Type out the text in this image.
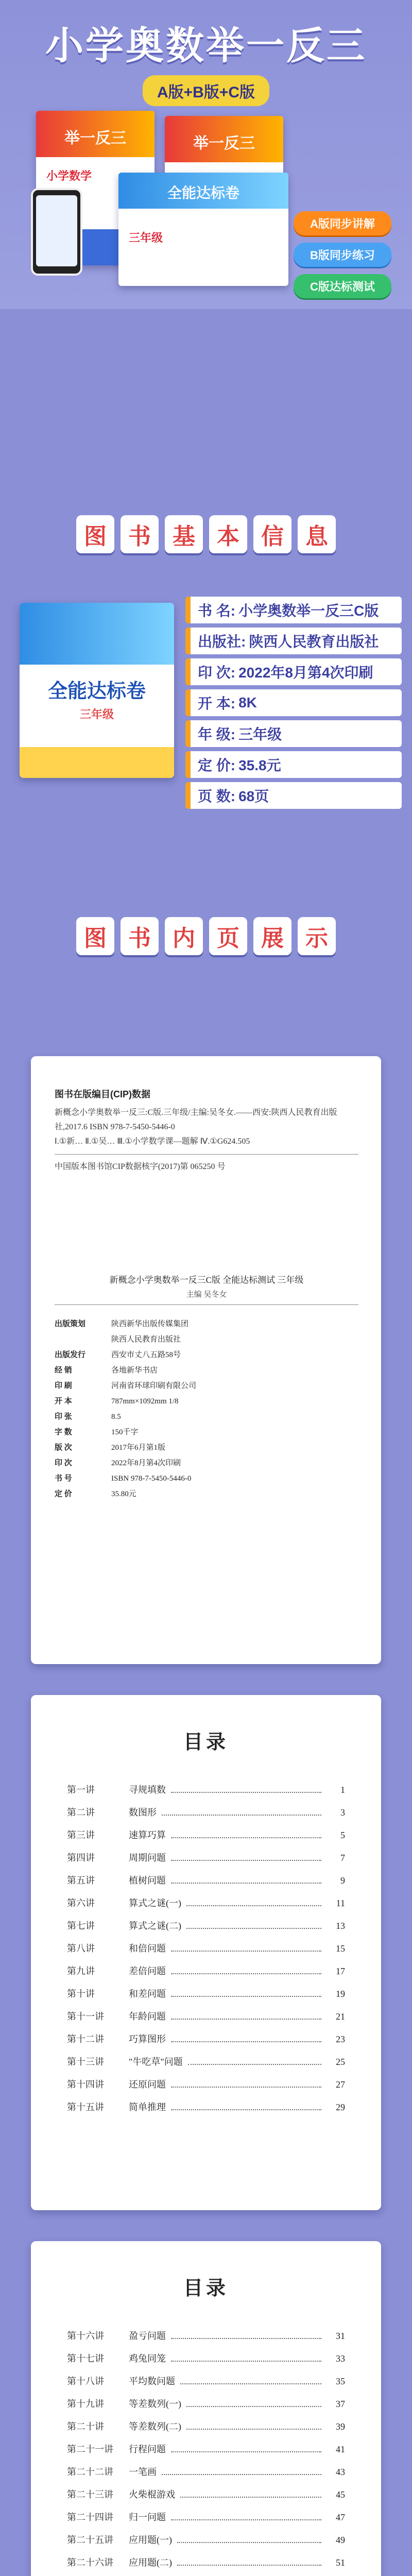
小学奥数举一反三
A版+B版+C版
举一反三
小学数学
举一反三
全能达标卷
三年级
A版同步讲解
B版同步练习
C版达标测试
图 书 基 本 信 息
全能达标卷
三年级
书 名: 小学奥数举一反三C版
出版社: 陕西人民教育出版社
印 次: 2022年8月第4次印刷
开 本: 8K
年 级: 三年级
定 价: 35.8元
页 数: 68页
图 书 内 页 展 示
图书在版编目(CIP)数据
新概念小学奥数举一反三:C版.三年级/主编:吴冬女.——西安:陕西人民教育出版社,2017.6 ISBN 978-7-5450-5446-0
Ⅰ.①新… Ⅱ.①吴… Ⅲ.①小学数学课—题解 Ⅳ.①G624.505
中国版本图书馆CIP数据核字(2017)第 065250 号
新概念小学奥数举一反三C版 全能达标测试 三年级
主编 吴冬女
出版策划	陕西新华出版传媒集团
陕西人民教育出版社
出版发行	西安市丈八五路58号
经 销	各地新华书店
印 刷	河南省环球印刷有限公司
开 本	787mm×1092mm 1/8
印 张	8.5
字 数	150千字
版 次	2017年6月第1版
印 次	2022年8月第4次印刷
书 号	ISBN 978-7-5450-5446-0
定 价	35.80元
目录
第一讲	寻规填数	1
第二讲	数图形	3
第三讲	速算巧算	5
第四讲	周期问题	7
第五讲	植树问题	9
第六讲	算式之谜(一)	11
第七讲	算式之谜(二)	13
第八讲	和倍问题	15
第九讲	差倍问题	17
第十讲	和差问题	19
第十一讲	年龄问题	21
第十二讲	巧算图形	23
第十三讲	"牛吃草"问题	25
第十四讲	还原问题	27
第十五讲	简单推理	29
目录
第十六讲	盈亏问题	31
第十七讲	鸡兔同笼	33
第十八讲	平均数问题	35
第十九讲	等差数列(一)	37
第二十讲	等差数列(二)	39
第二十一讲	行程问题	41
第二十二讲	一笔画	43
第二十三讲	火柴棍游戏	45
第二十四讲	归一问题	47
第二十五讲	应用题(一)	49
第二十六讲	应用题(二)	51
